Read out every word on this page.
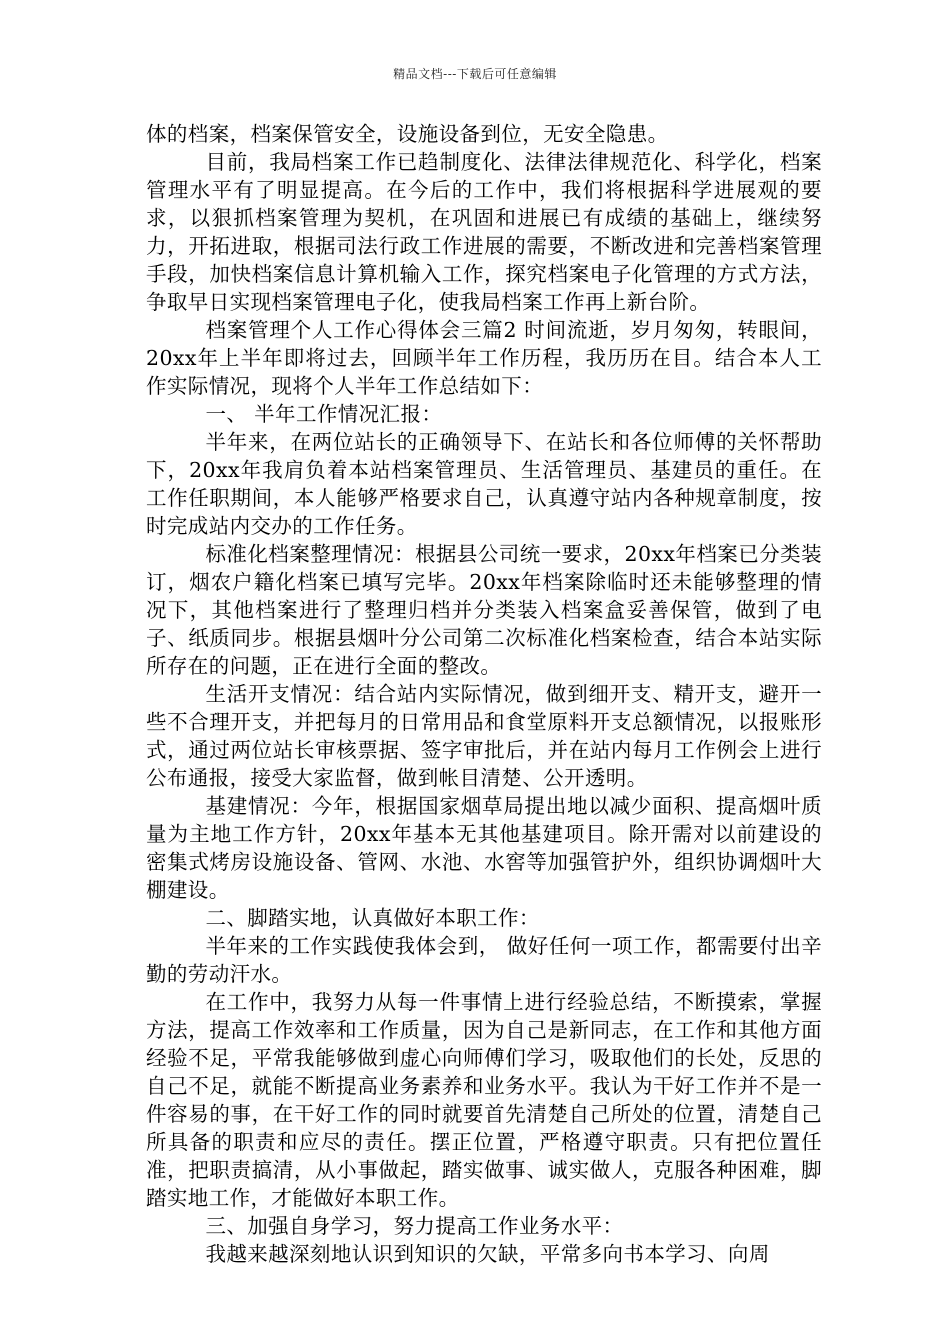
精品文档---下载后可任意编辑

体的档案，档案保管安全，设施设备到位，无安全隐患。

目前，我局档案工作已趋制度化、法律法律规范化、科学化，档案管理水平有了明显提高。在今后的工作中，我们将根据科学进展观的要求，以狠抓档案管理为契机，在巩固和进展已有成绩的基础上，继续努力，开拓进取，根据司法行政工作进展的需要，不断改进和完善档案管理手段，加快档案信息计算机输入工作，探究档案电子化管理的方式方法，争取早日实现档案管理电子化，使我局档案工作再上新台阶。

档案管理个人工作心得体会三篇2 时间流逝，岁月匆匆，转眼间，20xx年上半年即将过去，回顾半年工作历程，我历历在目。结合本人工作实际情况，现将个人半年工作总结如下：

一、 半年工作情况汇报：

半年来，在两位站长的正确领导下、在站长和各位师傅的关怀帮助下，20xx年我肩负着本站档案管理员、生活管理员、基建员的重任。在工作任职期间，本人能够严格要求自己，认真遵守站内各种规章制度，按时完成站内交办的工作任务。

标准化档案整理情况：根据县公司统一要求，20xx年档案已分类装订，烟农户籍化档案已填写完毕。20xx年档案除临时还未能够整理的情况下，其他档案进行了整理归档并分类装入档案盒妥善保管，做到了电子、纸质同步。根据县烟叶分公司第二次标准化档案检查，结合本站实际所存在的问题，正在进行全面的整改。

生活开支情况：结合站内实际情况，做到细开支、精开支，避开一些不合理开支，并把每月的日常用品和食堂原料开支总额情况，以报账形式，通过两位站长审核票据、签字审批后，并在站内每月工作例会上进行公布通报，接受大家监督，做到帐目清楚、公开透明。

基建情况：今年，根据国家烟草局提出地以减少面积、提高烟叶质量为主地工作方针，20xx年基本无其他基建项目。除开需对以前建设的密集式烤房设施设备、管网、水池、水窖等加强管护外，组织协调烟叶大棚建设。

二、脚踏实地，认真做好本职工作：

半年来的工作实践使我体会到， 做好任何一项工作，都需要付出辛勤的劳动汗水。

在工作中，我努力从每一件事情上进行经验总结，不断摸索，掌握方法，提高工作效率和工作质量，因为自己是新同志，在工作和其他方面经验不足，平常我能够做到虚心向师傅们学习，吸取他们的长处，反思的自己不足，就能不断提高业务素养和业务水平。我认为干好工作并不是一件容易的事，在干好工作的同时就要首先清楚自己所处的位置，清楚自己所具备的职责和应尽的责任。摆正位置，严格遵守职责。只有把位置任准，把职责搞清，从小事做起，踏实做事、诚实做人，克服各种困难，脚踏实地工作，才能做好本职工作。

三、加强自身学习，努力提高工作业务水平：

我越来越深刻地认识到知识的欠缺，平常多向书本学习、向周
